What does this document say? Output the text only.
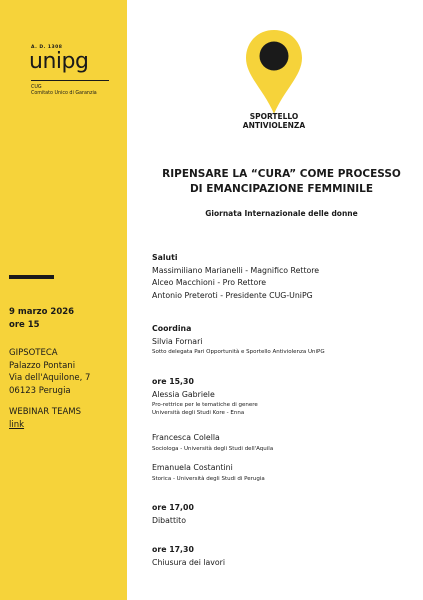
A. D. 1308
unipg
CUG
Comitato Unico di Garanzia
9 marzo 2026
ore 15
GIPSOTECA
Palazzo Pontani
Via dell'Aquilone, 7
06123 Perugia
WEBINAR TEAMS
link
SPORTELLO
ANTIVIOLENZA
RIPENSARE LA “CURA” COME PROCESSO
DI EMANCIPAZIONE FEMMINILE
Giornata Internazionale delle donne
Saluti
Massimiliano Marianelli - Magnifico Rettore
Alceo Macchioni - Pro Rettore
Antonio Preteroti - Presidente CUG-UniPG
Coordina
Silvia Fornari
Sotto delegata Pari Opportunità e Sportello Antiviolenza UniPG
ore 15,30
Alessia Gabriele
Pro-rettrice per le tematiche di genere
Università degli Studi Kore - Enna
Francesca Colella
Sociologa - Università degli Studi dell'Aquila
Emanuela Costantini
Storica - Università degli Studi di Perugia
ore 17,00
Dibattito
ore 17,30
Chiusura dei lavori
